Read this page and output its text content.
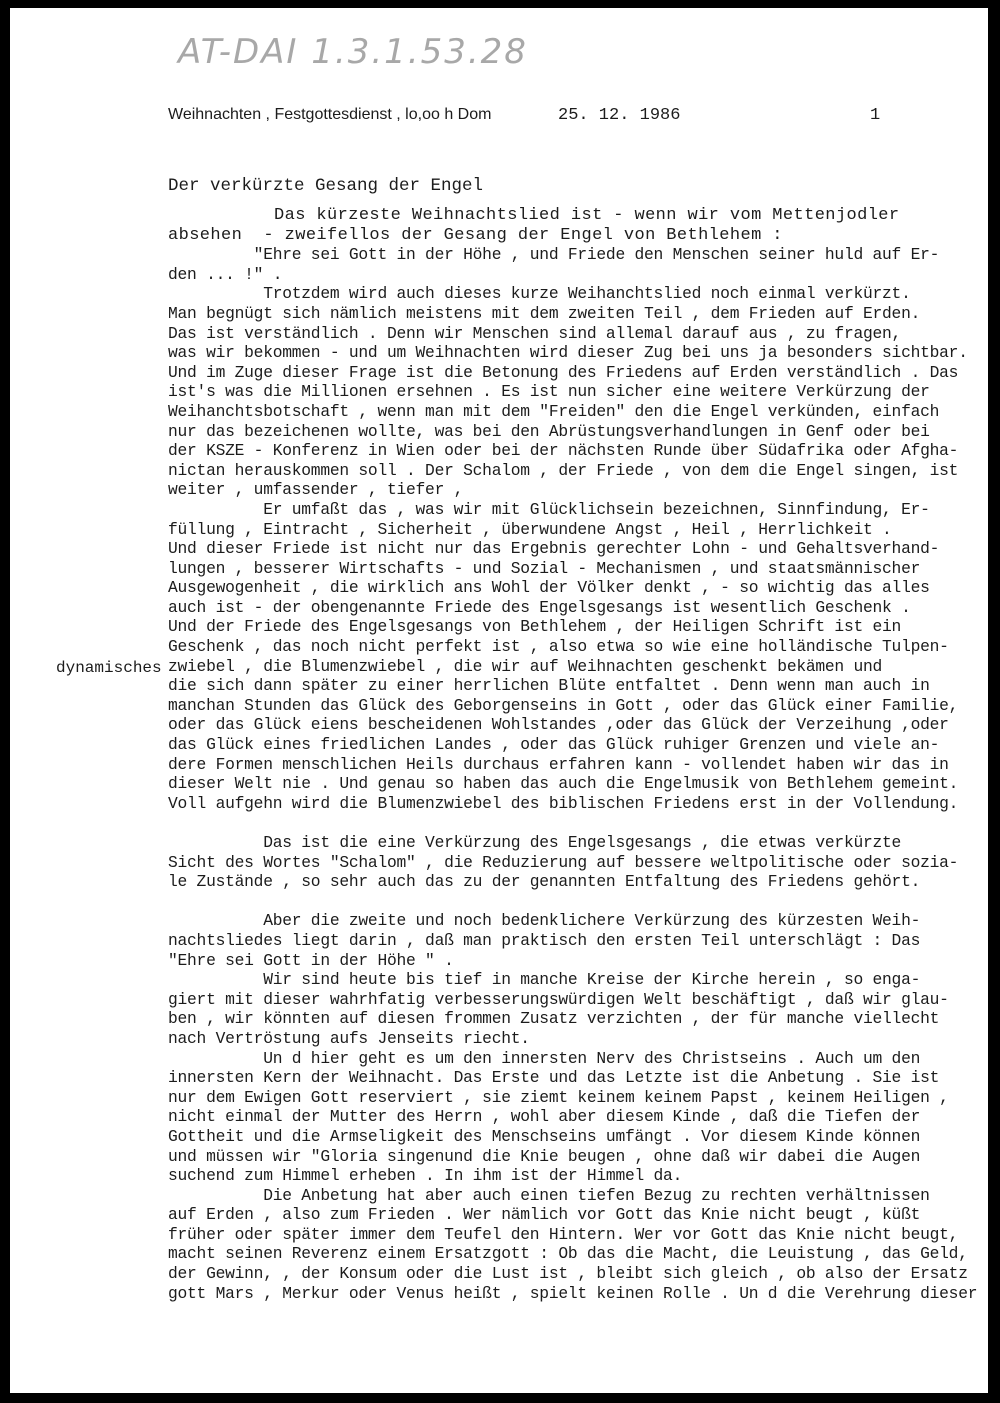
AT-DAI 1.3.1.53.28
Weihnachten , Festgottesdienst , lo,oo h Dom	25. 12. 1986	1
Der verkürzte Gesang der Engel
dynamisches
Das kürzeste Weihnachtslied ist - wenn wir vom Mettenjodler
absehen  - zweifellos der Gesang der Engel von Bethlehem :
"Ehre sei Gott in der Höhe , und Friede den Menschen seiner huld auf Er-
den ... !" .
Trotzdem wird auch dieses kurze Weihanchtslied noch einmal verkürzt.
Man begnügt sich nämlich meistens mit dem zweiten Teil , dem Frieden auf Erden.
Das ist verständlich . Denn wir Menschen sind allemal darauf aus , zu fragen,
was wir bekommen - und um Weihnachten wird dieser Zug bei uns ja besonders sichtbar.
Und im Zuge dieser Frage ist die Betonung des Friedens auf Erden verständlich . Das
ist's was die Millionen ersehnen . Es ist nun sicher eine weitere Verkürzung der
Weihanchtsbotschaft , wenn man mit dem "Freiden" den die Engel verkünden, einfach
nur das bezeichenen wollte, was bei den Abrüstungsverhandlungen in Genf oder bei
der KSZE - Konferenz in Wien oder bei der nächsten Runde über Südafrika oder Afgha-
nictan herauskommen soll . Der Schalom , der Friede , von dem die Engel singen, ist
weiter , umfassender , tiefer ,
Er umfaßt das , was wir mit Glücklichsein bezeichnen, Sinnfindung, Er-
füllung , Eintracht , Sicherheit , überwundene Angst , Heil , Herrlichkeit .
Und dieser Friede ist nicht nur das Ergebnis gerechter Lohn - und Gehaltsverhand-
lungen , besserer Wirtschafts - und Sozial - Mechanismen , und staatsmännischer
Ausgewogenheit , die wirklich ans Wohl der Völker denkt , - so wichtig das alles
auch ist - der obengenannte Friede des Engelsgesangs ist wesentlich Geschenk .
Und der Friede des Engelsgesangs von Bethlehem , der Heiligen Schrift ist ein
Geschenk , das noch nicht perfekt ist , also etwa so wie eine holländische Tulpen-
zwiebel , die Blumenzwiebel , die wir auf Weihnachten geschenkt bekämen und
die sich dann später zu einer herrlichen Blüte entfaltet . Denn wenn man auch in
manchan Stunden das Glück des Geborgenseins in Gott , oder das Glück einer Familie,
oder das Glück eiens bescheidenen Wohlstandes ,oder das Glück der Verzeihung ,oder
das Glück eines friedlichen Landes , oder das Glück ruhiger Grenzen und viele an-
dere Formen menschlichen Heils durchaus erfahren kann - vollendet haben wir das in
dieser Welt nie . Und genau so haben das auch die Engelmusik von Bethlehem gemeint.
Voll aufgehn wird die Blumenzwiebel des biblischen Friedens erst in der Vollendung.
Das ist die eine Verkürzung des Engelsgesangs , die etwas verkürzte
Sicht des Wortes "Schalom" , die Reduzierung auf bessere weltpolitische oder sozia-
le Zustände , so sehr auch das zu der genannten Entfaltung des Friedens gehört.
Aber die zweite und noch bedenklichere Verkürzung des kürzesten Weih-
nachtsliedes liegt darin , daß man praktisch den ersten Teil unterschlägt : Das
"Ehre sei Gott in der Höhe " .
Wir sind heute bis tief in manche Kreise der Kirche herein , so enga-
giert mit dieser wahrhfatig verbesserungswürdigen Welt beschäftigt , daß wir glau-
ben , wir könnten auf diesen frommen Zusatz verzichten , der für manche viellecht
nach Vertröstung aufs Jenseits riecht.
Un d hier geht es um den innersten Nerv des Christseins . Auch um den
innersten Kern der Weihnacht. Das Erste und das Letzte ist die Anbetung . Sie ist
nur dem Ewigen Gott reserviert , sie ziemt keinem keinem Papst , keinem Heiligen ,
nicht einmal der Mutter des Herrn , wohl aber diesem Kinde , daß die Tiefen der
Gottheit und die Armseligkeit des Menschseins umfängt . Vor diesem Kinde können
und müssen wir "Gloria singenund die Knie beugen , ohne daß wir dabei die Augen
suchend zum Himmel erheben . In ihm ist der Himmel da.
Die Anbetung hat aber auch einen tiefen Bezug zu rechten verhältnissen
auf Erden , also zum Frieden . Wer nämlich vor Gott das Knie nicht beugt , küßt
früher oder später immer dem Teufel den Hintern. Wer vor Gott das Knie nicht beugt,
macht seinen Reverenz einem Ersatzgott : Ob das die Macht, die Leuistung , das Geld,
der Gewinn, , der Konsum oder die Lust ist , bleibt sich gleich , ob also der Ersatz
gott Mars , Merkur oder Venus heißt , spielt keinen Rolle . Un d die Verehrung dieser
